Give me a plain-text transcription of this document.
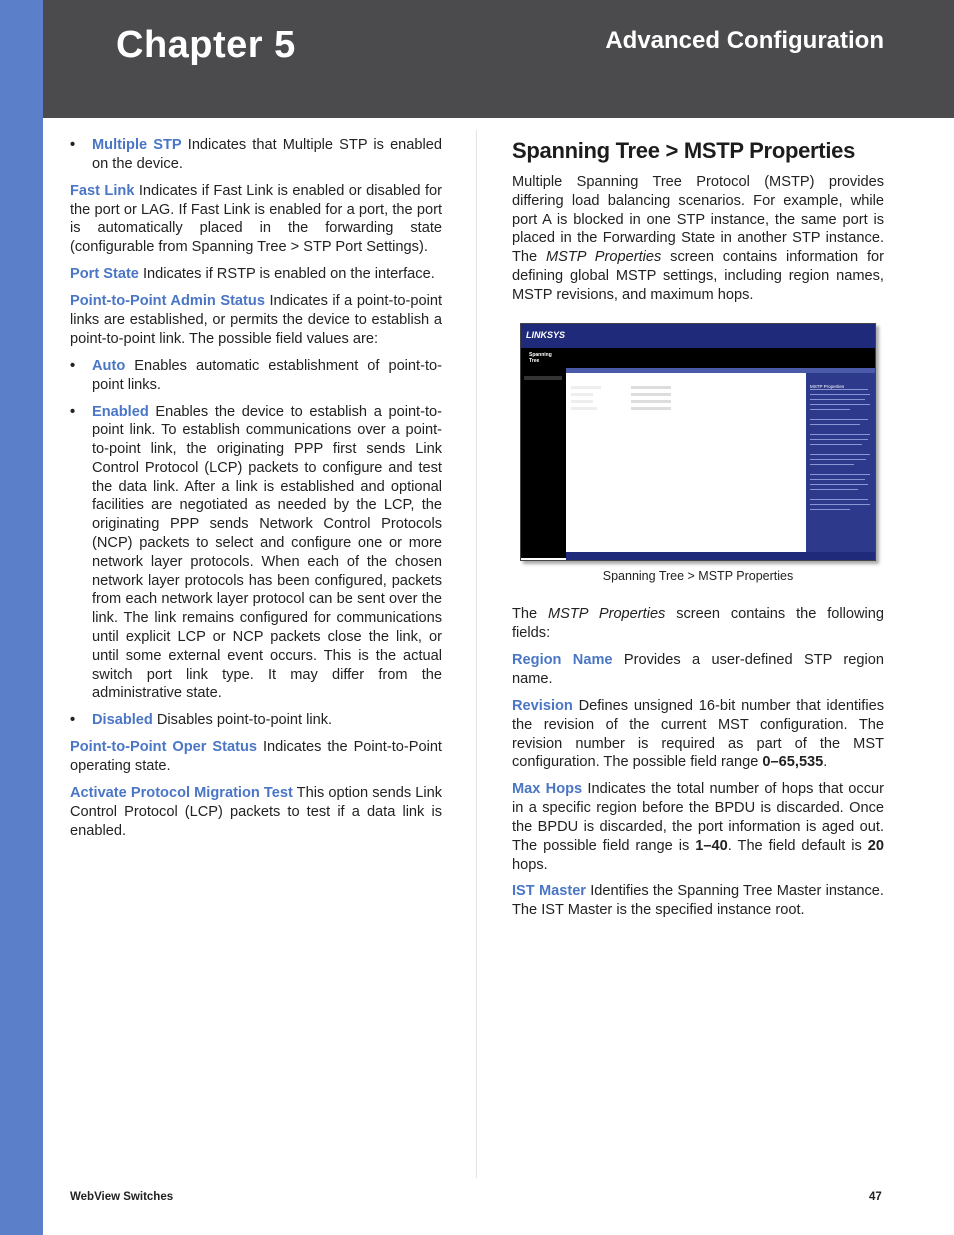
Chapter 5	Advanced Configuration
• Multiple STP Indicates that Multiple STP is enabled on the device.

Fast Link Indicates if Fast Link is enabled or disabled for the port or LAG. If Fast Link is enabled for a port, the port is automatically placed in the forwarding state (configurable from Spanning Tree > STP Port Settings).

Port State Indicates if RSTP is enabled on the interface.

Point-to-Point Admin Status Indicates if a point-to-point links are established, or permits the device to establish a point-to-point link. The possible field values are:

• Auto Enables automatic establishment of point-to-point links.
• Enabled Enables the device to establish a point-to-point link. To establish communications over a point-to-point link, the originating PPP first sends Link Control Protocol (LCP) packets to configure and test the data link. After a link is established and optional facilities are negotiated as needed by the LCP, the originating PPP sends Network Control Protocols (NCP) packets to select and configure one or more network layer protocols. When each of the chosen network layer protocols has been configured, packets from each network layer protocol can be sent over the link. The link remains configured for communications until explicit LCP or NCP packets close the link, or until some external event occurs. This is the actual switch port link type. It may differ from the administrative state.
• Disabled Disables point-to-point link.

Point-to-Point Oper Status Indicates the Point-to-Point operating state.

Activate Protocol Migration Test This option sends Link Control Protocol (LCP) packets to test if a data link is enabled.

Spanning Tree > MSTP Properties

Multiple Spanning Tree Protocol (MSTP) provides differing load balancing scenarios. For example, while port A is blocked in one STP instance, the same port is placed in the Forwarding State in another STP instance. The MSTP Properties screen contains information for defining global MSTP settings, including region names, MSTP revisions, and maximum hops.

LINKSYS
Spanning
Tree
MSTP Properties
Spanning Tree > MSTP Properties

The MSTP Properties screen contains the following fields:

Region Name Provides a user-defined STP region name.

Revision Defines unsigned 16-bit number that identifies the revision of the current MST configuration. The revision number is required as part of the MST configuration. The possible field range 0–65,535.

Max Hops Indicates the total number of hops that occur in a specific region before the BPDU is discarded. Once the BPDU is discarded, the port information is aged out. The possible field range is 1–40. The field default is 20 hops.

IST Master Identifies the Spanning Tree Master instance. The IST Master is the specified instance root.

WebView Switches	47
